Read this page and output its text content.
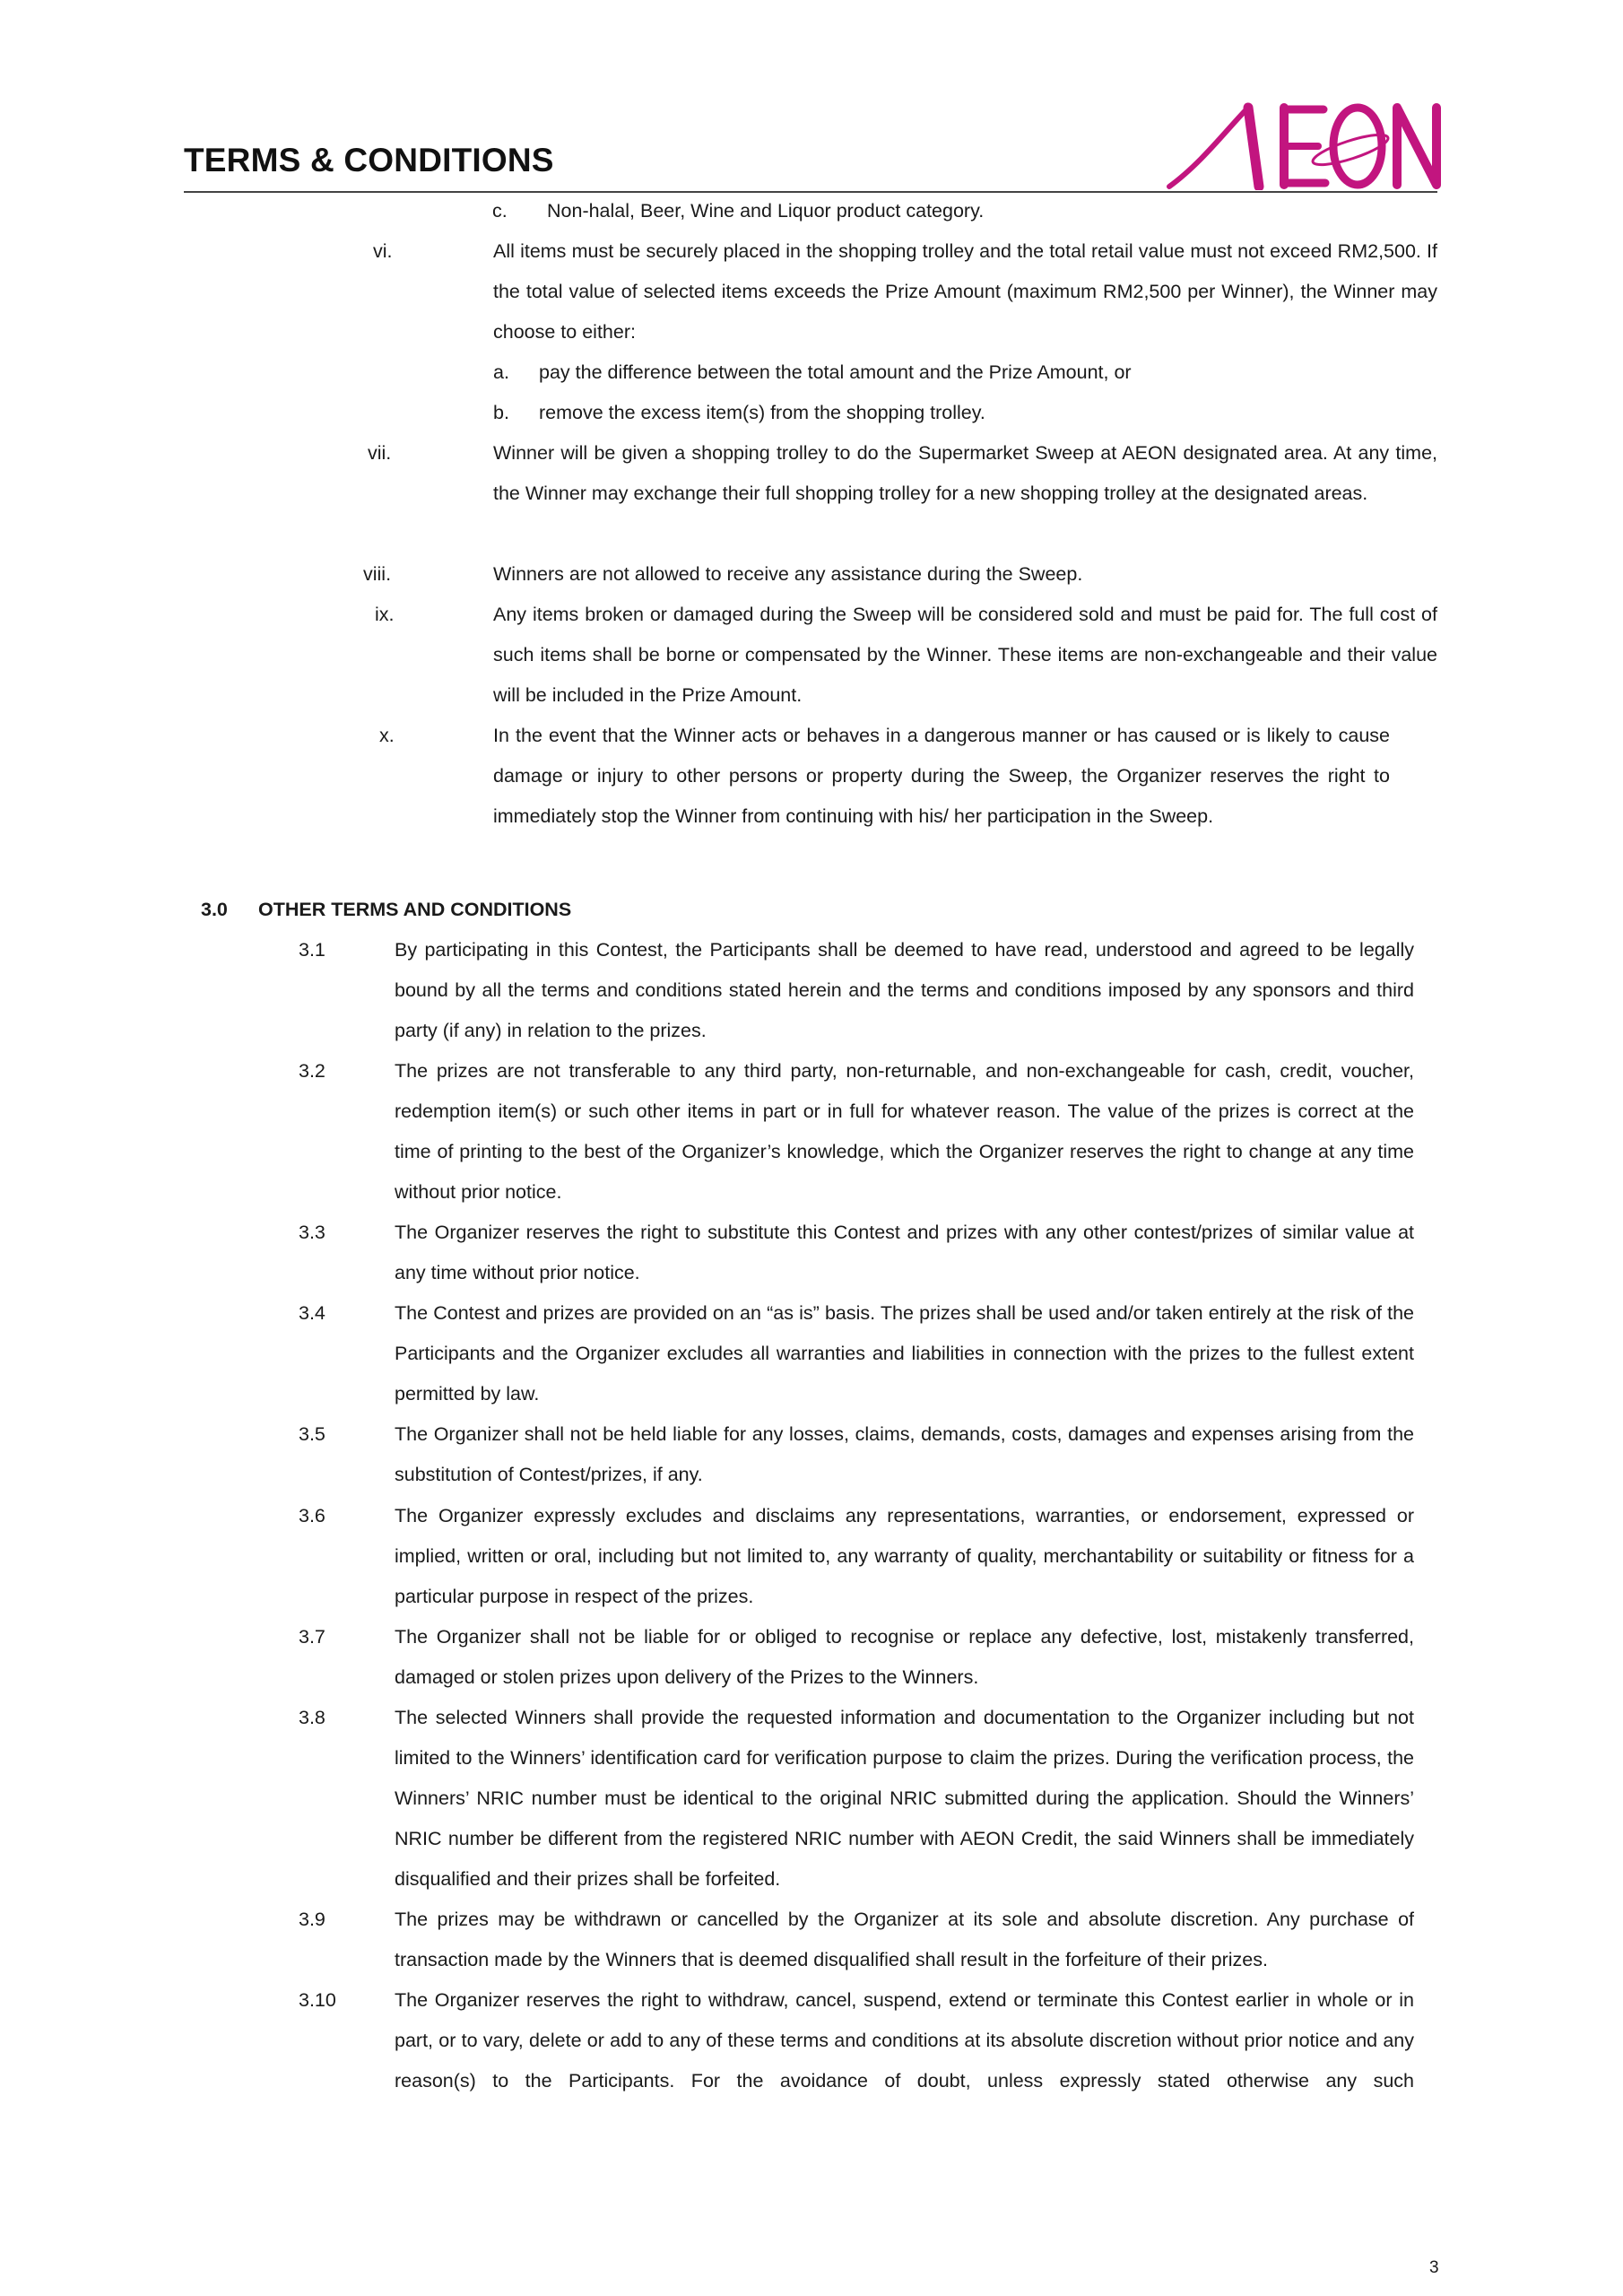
TERMS & CONDITIONS
c. Non-halal, Beer, Wine and Liquor product category.
vi.	All items must be securely placed in the shopping trolley and the total retail value must not exceed RM2,500. If the total value of selected items exceeds the Prize Amount (maximum RM2,500 per Winner), the Winner may choose to either:
a. pay the difference between the total amount and the Prize Amount, or
b. remove the excess item(s) from the shopping trolley.
vii.	Winner will be given a shopping trolley to do the Supermarket Sweep at AEON designated area. At any time, the Winner may exchange their full shopping trolley for a new shopping trolley at the designated areas.
viii.	Winners are not allowed to receive any assistance during the Sweep.
ix.	Any items broken or damaged during the Sweep will be considered sold and must be paid for. The full cost of such items shall be borne or compensated by the Winner. These items are non-exchangeable and their value will be included in the Prize Amount.
x.	In the event that the Winner acts or behaves in a dangerous manner or has caused or is likely to cause damage or injury to other persons or property during the Sweep, the Organizer reserves the right to immediately stop the Winner from continuing with his/ her participation in the Sweep.
3.0 OTHER TERMS AND CONDITIONS
3.1	By participating in this Contest, the Participants shall be deemed to have read, understood and agreed to be legally bound by all the terms and conditions stated herein and the terms and conditions imposed by any sponsors and third party (if any) in relation to the prizes.
3.2	The prizes are not transferable to any third party, non-returnable, and non-exchangeable for cash, credit, voucher, redemption item(s) or such other items in part or in full for whatever reason. The value of the prizes is correct at the time of printing to the best of the Organizer’s knowledge, which the Organizer reserves the right to change at any time without prior notice.
3.3	The Organizer reserves the right to substitute this Contest and prizes with any other contest/prizes of similar value at any time without prior notice.
3.4	The Contest and prizes are provided on an “as is” basis. The prizes shall be used and/or taken entirely at the risk of the Participants and the Organizer excludes all warranties and liabilities in connection with the prizes to the fullest extent permitted by law.
3.5	The Organizer shall not be held liable for any losses, claims, demands, costs, damages and expenses arising from the substitution of Contest/prizes, if any.
3.6	The Organizer expressly excludes and disclaims any representations, warranties, or endorsement, expressed or implied, written or oral, including but not limited to, any warranty of quality, merchantability or suitability or fitness for a particular purpose in respect of the prizes.
3.7	The Organizer shall not be liable for or obliged to recognise or replace any defective, lost, mistakenly transferred, damaged or stolen prizes upon delivery of the Prizes to the Winners.
3.8	The selected Winners shall provide the requested information and documentation to the Organizer including but not limited to the Winners’ identification card for verification purpose to claim the prizes. During the verification process, the Winners’ NRIC number must be identical to the original NRIC submitted during the application. Should the Winners’ NRIC number be different from the registered NRIC number with AEON Credit, the said Winners shall be immediately disqualified and their prizes shall be forfeited.
3.9	The prizes may be withdrawn or cancelled by the Organizer at its sole and absolute discretion. Any purchase of transaction made by the Winners that is deemed disqualified shall result in the forfeiture of their prizes.
3.10	The Organizer reserves the right to withdraw, cancel, suspend, extend or terminate this Contest earlier in whole or in part, or to vary, delete or add to any of these terms and conditions at its absolute discretion without prior notice and any reason(s) to the Participants. For the avoidance of doubt, unless expressly stated otherwise any such
3
